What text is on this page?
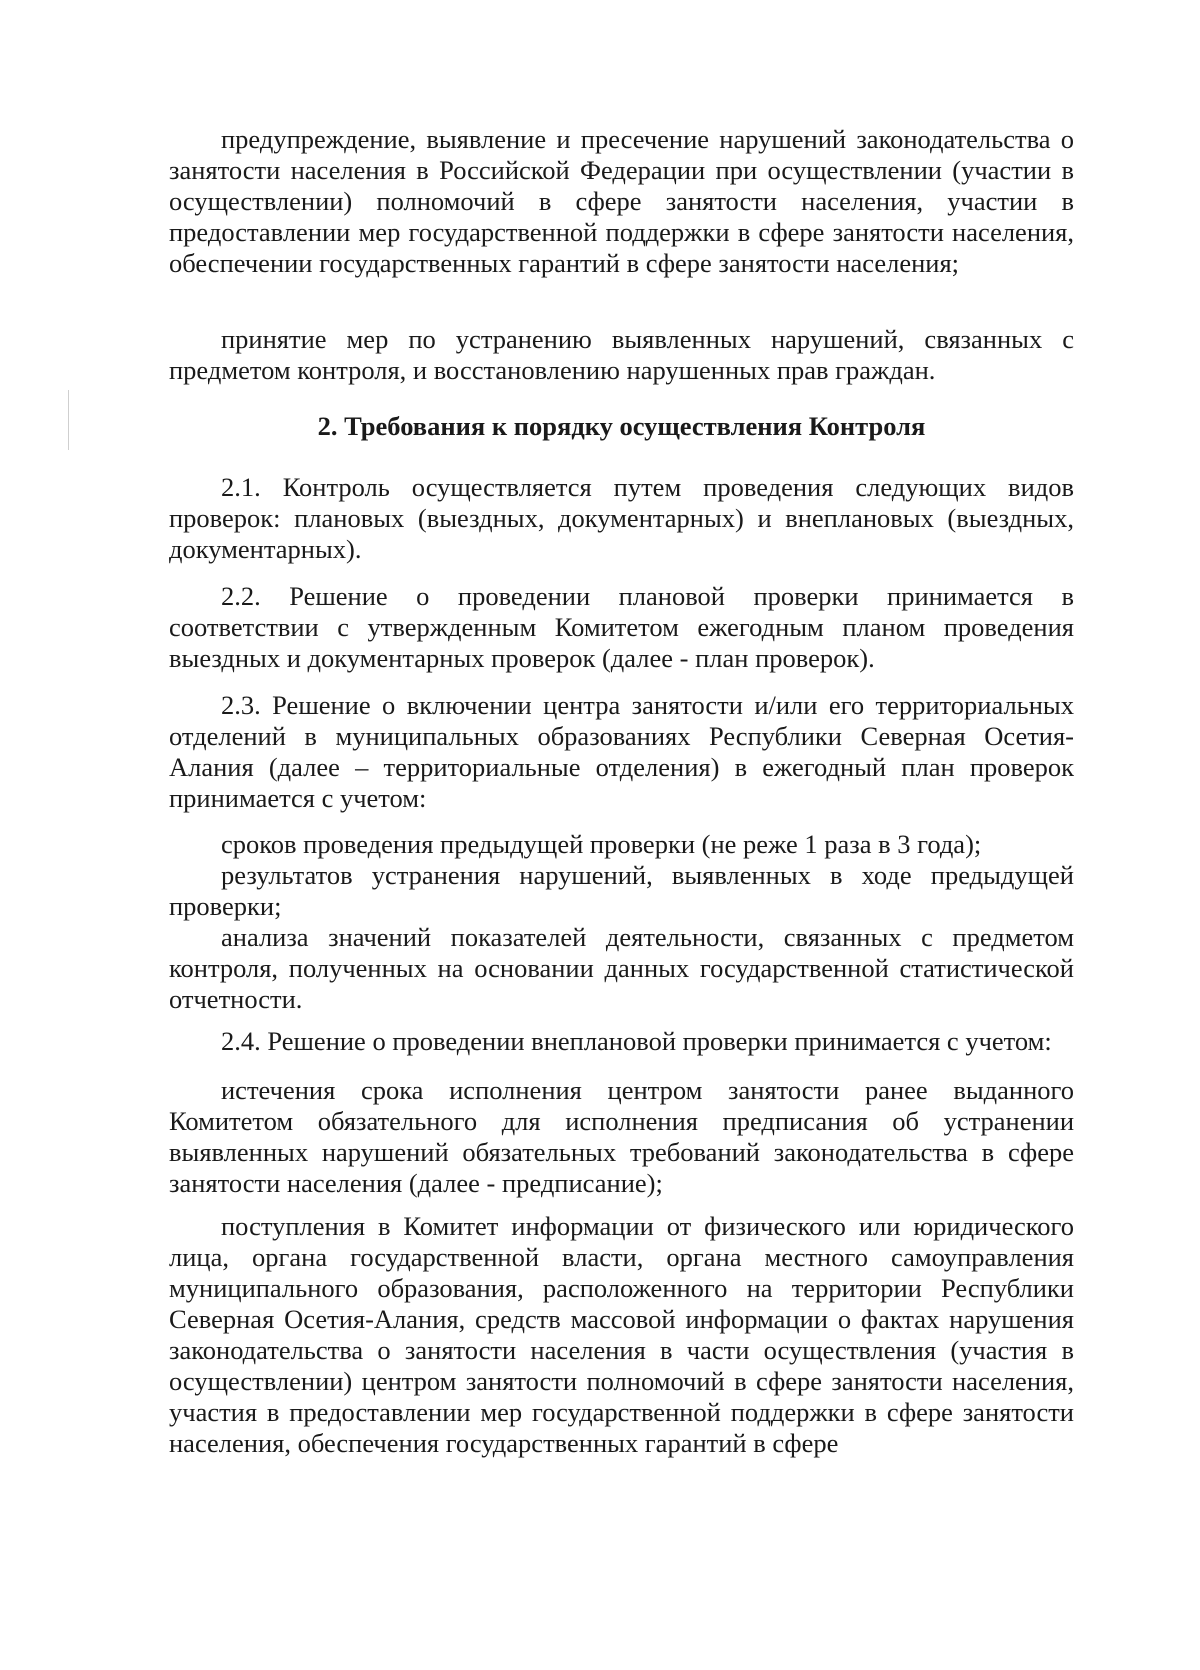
предупреждение, выявление и пресечение нарушений законодательства о занятости населения в Российской Федерации при осуществлении (участии в осуществлении) полномочий в сфере занятости населения, участии в предоставлении мер государственной поддержки в сфере занятости населения, обеспечении государственных гарантий в сфере занятости населения;

принятие мер по устранению выявленных нарушений, связанных с предметом контроля, и восстановлению нарушенных прав граждан.

2. Требования к порядку осуществления Контроля

2.1. Контроль осуществляется путем проведения следующих видов проверок: плановых (выездных, документарных) и внеплановых (выездных, документарных).

2.2. Решение о проведении плановой проверки принимается в соответствии с утвержденным Комитетом ежегодным планом проведения выездных и документарных проверок (далее - план проверок).

2.3. Решение о включении центра занятости и/или его территориальных отделений в муниципальных образованиях Республики Северная Осетия-Алания (далее – территориальные отделения) в ежегодный план проверок принимается с учетом:

сроков проведения предыдущей проверки (не реже 1 раза в 3 года);
результатов устранения нарушений, выявленных в ходе предыдущей проверки;
анализа значений показателей деятельности, связанных с предметом контроля, полученных на основании данных государственной статистической отчетности.

2.4. Решение о проведении внеплановой проверки принимается с учетом:

истечения срока исполнения центром занятости ранее выданного Комитетом обязательного для исполнения предписания об устранении выявленных нарушений обязательных требований законодательства в сфере занятости населения (далее - предписание);

поступления в Комитет информации от физического или юридического лица, органа государственной власти, органа местного самоуправления муниципального образования, расположенного на территории Республики Северная Осетия-Алания, средств массовой информации о фактах нарушения законодательства о занятости населения в части осуществления (участия в осуществлении) центром занятости полномочий в сфере занятости населения, участия в предоставлении мер государственной поддержки в сфере занятости населения, обеспечения государственных гарантий в сфере
